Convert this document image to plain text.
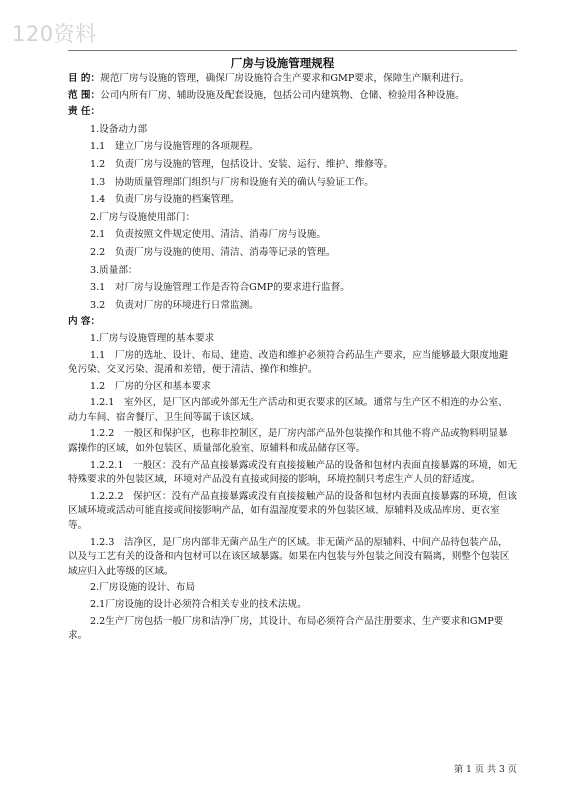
120资料
厂房与设施管理规程

目 的：规范厂房与设施的管理，确保厂房设施符合生产要求和GMP要求，保障生产顺利进行。

范 围：公司内所有厂房、辅助设施及配套设施，包括公司内建筑物、仓储、检验用各种设施。

责 任：

1.设备动力部

1.1　建立厂房与设施管理的各项规程。

1.2　负责厂房与设施的管理，包括设计、安装、运行、维护、维修等。

1.3　协助质量管理部门组织与厂房和设施有关的确认与验证工作。

1.4　负责厂房与设施的档案管理。

2.厂房与设施使用部门：

2.1　负责按照文件规定使用、清洁、消毒厂房与设施。

2.2　负责厂房与设施的使用、清洁、消毒等记录的管理。

3.质量部：

3.1　对厂房与设施管理工作是否符合GMP的要求进行监督。

3.2　负责对厂房的环境进行日常监测。

内 容：

1.厂房与设施管理的基本要求

1.1　厂房的选址、设计、布局、建造、改造和维护必须符合药品生产要求，应当能够最大限度地避免污染、交叉污染、混淆和差错，便于清洁、操作和维护。

1.2　厂房的分区和基本要求

1.2.1　室外区，是厂区内部或外部无生产活动和更衣要求的区域。通常与生产区不相连的办公室、动力车间、宿舍餐厅、卫生间等属于该区域。

1.2.2　一般区和保护区，也称非控制区，是厂房内部产品外包装操作和其他不将产品或物料明显暴露操作的区域，如外包装区、质量部化验室、原辅料和成品储存区等。

1.2.2.1　一般区：没有产品直接暴露或没有直接接触产品的设备和包材内表面直接暴露的环境，如无特殊要求的外包装区域，环境对产品没有直接或间接的影响，环境控制只考虑生产人员的舒适度。

1.2.2.2　保护区：没有产品直接暴露或没有直接接触产品的设备和包材内表面直接暴露的环境，但该区域环境或活动可能直接或间接影响产品，如有温湿度要求的外包装区域、原辅料及成品库房、更衣室等。

1.2.3　洁净区，是厂房内部非无菌产品生产的区域。非无菌产品的原辅料、中间产品待包装产品，以及与工艺有关的设备和内包材可以在该区域暴露。如果在内包装与外包装之间没有隔离，则整个包装区域应归入此等级的区域。

2.厂房设施的设计、布局

2.1厂房设施的设计必须符合相关专业的技术法规。

2.2生产厂房包括一般厂房和洁净厂房，其设计、布局必须符合产品注册要求、生产要求和GMP要求。

第 1 页 共 3 页
